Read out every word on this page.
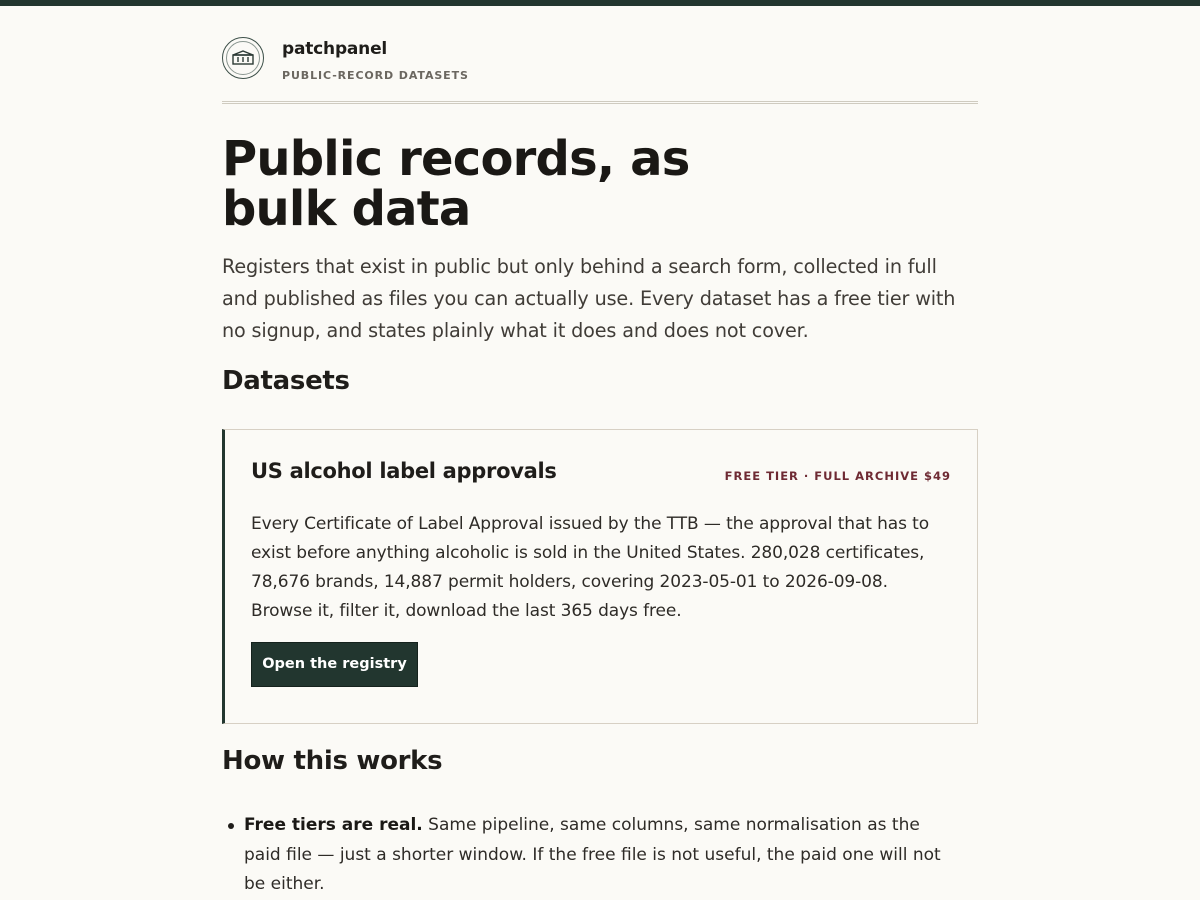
patchpanel
PUBLIC-RECORD DATASETS
Public records, as bulk data

Registers that exist in public but only behind a search form, collected in full and published as files you can actually use. Every dataset has a free tier with no signup, and states plainly what it does and does not cover.

Datasets
US alcohol label approvals	FREE TIER · FULL ARCHIVE $49

Every Certificate of Label Approval issued by the TTB — the approval that has to exist before anything alcoholic is sold in the United States. 280,028 certificates, 78,676 brands, 14,887 permit holders, covering 2023-05-01 to 2026-09-08. Browse it, filter it, download the last 365 days free.

Open the registry
How this works
Free tiers are real. Same pipeline, same columns, same normalisation as the paid file — just a shorter window. If the free file is not useful, the paid one will not be either.
